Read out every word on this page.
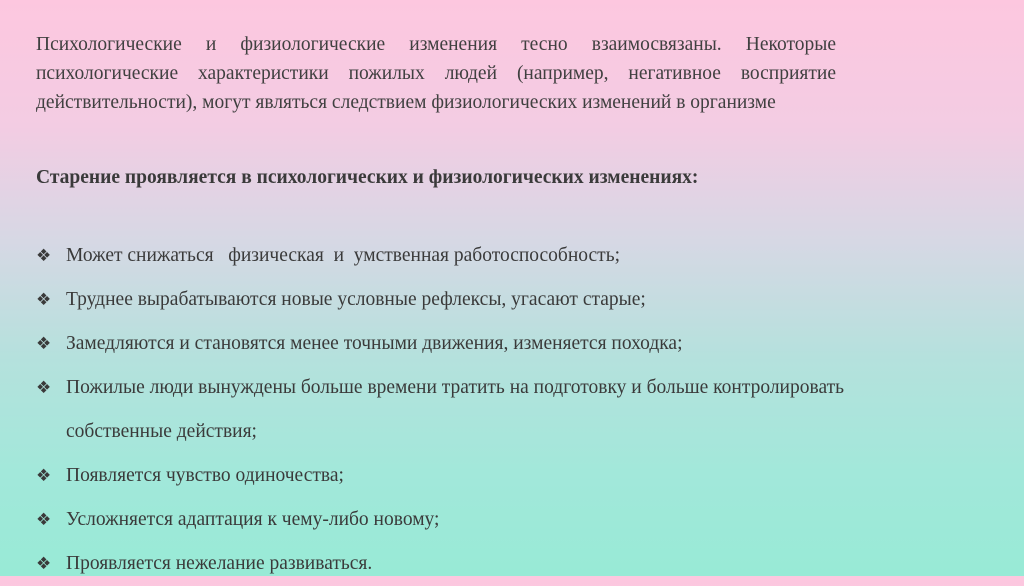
Психологические и физиологические изменения тесно взаимосвязаны. Некоторые психологические характеристики пожилых людей (например, негативное восприятие действительности), могут являться следствием физиологических изменений в организме

Старение проявляется в психологических и физиологических изменениях:

❖ Может снижаться   физическая  и  умственная работоспособность;
❖ Труднее вырабатываются новые условные рефлексы, угасают старые;
❖ Замедляются и становятся менее точными движения, изменяется походка;
❖ Пожилые люди вынуждены больше времени тратить на подготовку и больше контролировать собственные действия;
❖ Появляется чувство одиночества;
❖ Усложняется адаптация к чему-либо новому;
❖ Проявляется нежелание развиваться.
